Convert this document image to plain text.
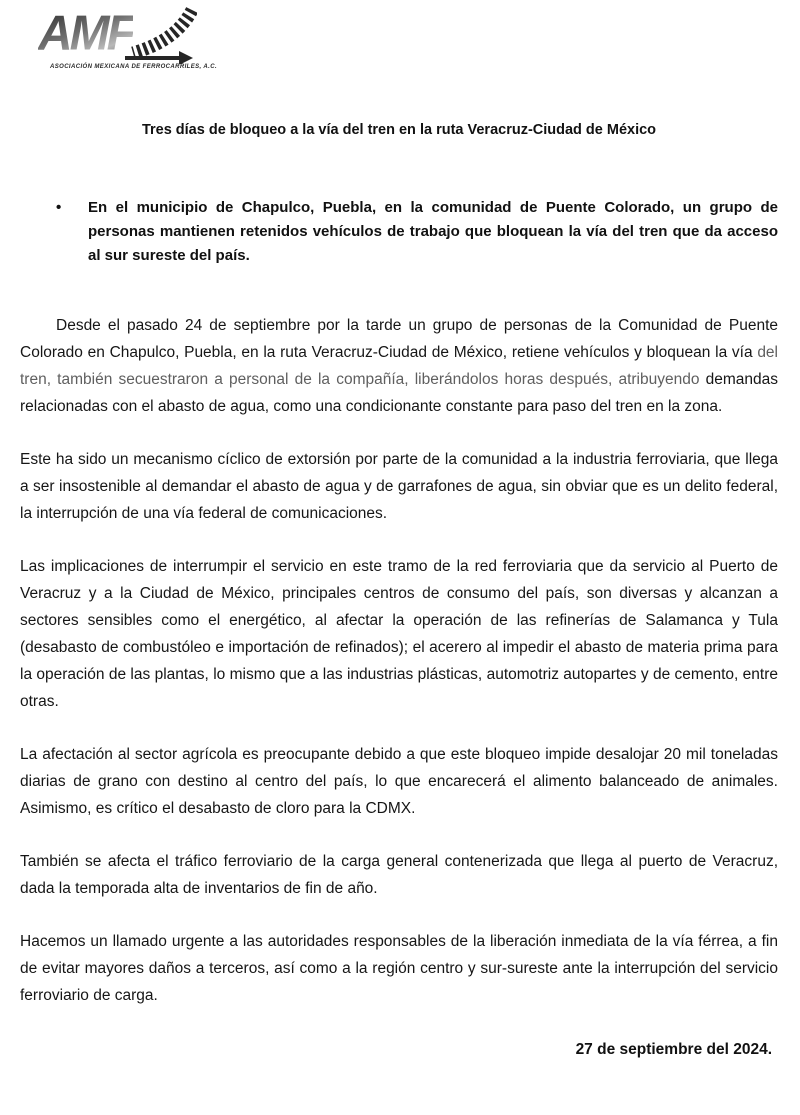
AMF
ASOCIACIÓN MEXICANA DE FERROCARRILES, A.C.
Tres días de bloqueo a la vía del tren en la ruta Veracruz-Ciudad de México
•	En el municipio de Chapulco, Puebla, en la comunidad de Puente Colorado, un grupo de personas mantienen retenidos vehículos de trabajo que bloquean la vía del tren que da acceso al sur sureste del país.

Desde el pasado 24 de septiembre por la tarde un grupo de personas de la Comunidad de Puente Colorado en Chapulco, Puebla, en la ruta Veracruz-Ciudad de México, retiene vehículos y bloquean la vía del tren, también secuestraron a personal de la compañía, liberándolos horas después, atribuyendo demandas relacionadas con el abasto de agua, como una condicionante constante para paso del tren en la zona.

Este ha sido un mecanismo cíclico de extorsión por parte de la comunidad a la industria ferroviaria, que llega a ser insostenible al demandar el abasto de agua y de garrafones de agua, sin obviar que es un delito federal, la interrupción de una vía federal de comunicaciones.

Las implicaciones de interrumpir el servicio en este tramo de la red ferroviaria que da servicio al Puerto de Veracruz y a la Ciudad de México, principales centros de consumo del país, son diversas y alcanzan a sectores sensibles como el energético, al afectar la operación de las refinerías de Salamanca y Tula (desabasto de combustóleo e importación de refinados); el acerero al impedir el abasto de materia prima para la operación de las plantas, lo mismo que a las industrias plásticas, automotriz autopartes y de cemento, entre otras.

La afectación al sector agrícola es preocupante debido a que este bloqueo impide desalojar 20 mil toneladas diarias de grano con destino al centro del país, lo que encarecerá el alimento balanceado de animales. Asimismo, es crítico el desabasto de cloro para la CDMX.

También se afecta el tráfico ferroviario de la carga general contenerizada que llega al puerto de Veracruz, dada la temporada alta de inventarios de fin de año.

Hacemos un llamado urgente a las autoridades responsables de la liberación inmediata de la vía férrea, a fin de evitar mayores daños a terceros, así como a la región centro y sur-sureste ante la interrupción del servicio ferroviario de carga.

27 de septiembre del 2024.
